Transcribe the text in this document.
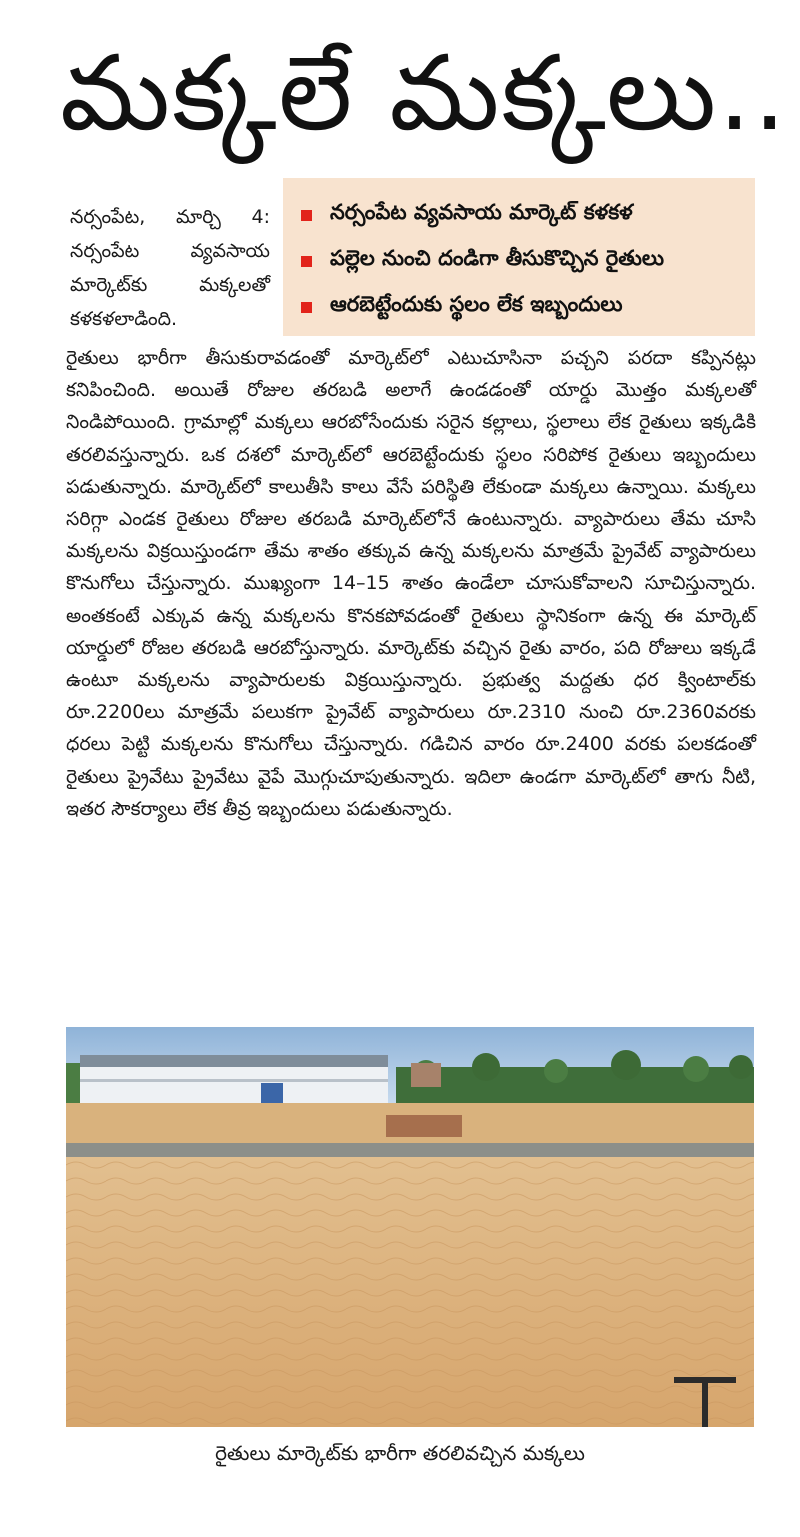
మక్కలే మక్కలు..
నర్సంపేట, మార్చి 4: నర్సంపేట వ్యవసాయ మార్కెట్‌కు మక్కలతో కళకళలాడింది.
నర్సంపేట వ్యవసాయ మార్కెట్‌ కళకళ
పల్లెల నుంచి దండిగా తీసుకొచ్చిన రైతులు
ఆరబెట్టేందుకు స్థలం లేక ఇబ్బందులు
రైతులు భారీగా తీసుకురావడంతో మార్కెట్‌లో ఎటుచూసినా పచ్చని పరదా కప్పినట్లు కనిపించింది. అయితే రోజుల తరబడి అలాగే ఉండడంతో యార్డు మొత్తం మక్కలతో నిండిపోయింది. గ్రామాల్లో మక్కలు ఆరబోసేందుకు సరైన కల్లాలు, స్థలాలు లేక రైతులు ఇక్కడికి తరలివస్తున్నారు. ఒక దశలో మార్కెట్‌లో ఆరబెట్టేందుకు స్థలం సరిపోక రైతులు ఇబ్బందులు పడుతున్నారు. మార్కెట్‌లో కాలుతీసి కాలు వేసే పరిస్థితి లేకుండా మక్కలు ఉన్నాయి. మక్కలు సరిగ్గా ఎండక రైతులు రోజుల తరబడి మార్కెట్‌లోనే ఉంటున్నారు. వ్యాపారులు తేమ చూసి మక్కలను విక్రయిస్తుండగా తేమ శాతం తక్కువ ఉన్న మక్కలను మాత్రమే ప్రైవేట్‌ వ్యాపారులు కొనుగోలు చేస్తున్నారు. ముఖ్యంగా 14–15 శాతం ఉండేలా చూసుకోవాలని సూచిస్తున్నారు. అంతకంటే ఎక్కువ ఉన్న మక్కలను కొనకపోవడంతో రైతులు స్థానికంగా ఉన్న ఈ మార్కెట్‌ యార్డులో రోజల తరబడి ఆరబోస్తున్నారు. మార్కెట్‌కు వచ్చిన రైతు వారం, పది రోజులు ఇక్కడే ఉంటూ మక్కలను వ్యాపారులకు విక్రయిస్తున్నారు. ప్రభుత్వ మద్దతు ధర క్వింటాల్‌కు రూ.2200లు మాత్రమే పలుకగా ప్రైవేట్‌ వ్యాపారులు రూ.2310 నుంచి రూ.2360వరకు ధరలు పెట్టి మక్కలను కొనుగోలు చేస్తున్నారు. గడిచిన వారం రూ.2400 వరకు పలకడంతో రైతులు ప్రైవేటు ప్రైవేటు వైపే మొగ్గుచూపుతున్నారు. ఇదిలా ఉండగా మార్కెట్‌లో తాగు నీటి, ఇతర సౌకర్యాలు లేక తీవ్ర ఇబ్బందులు పడుతున్నారు.
రైతులు మార్కెట్‌కు భారీగా తరలివచ్చిన మక్కలు
